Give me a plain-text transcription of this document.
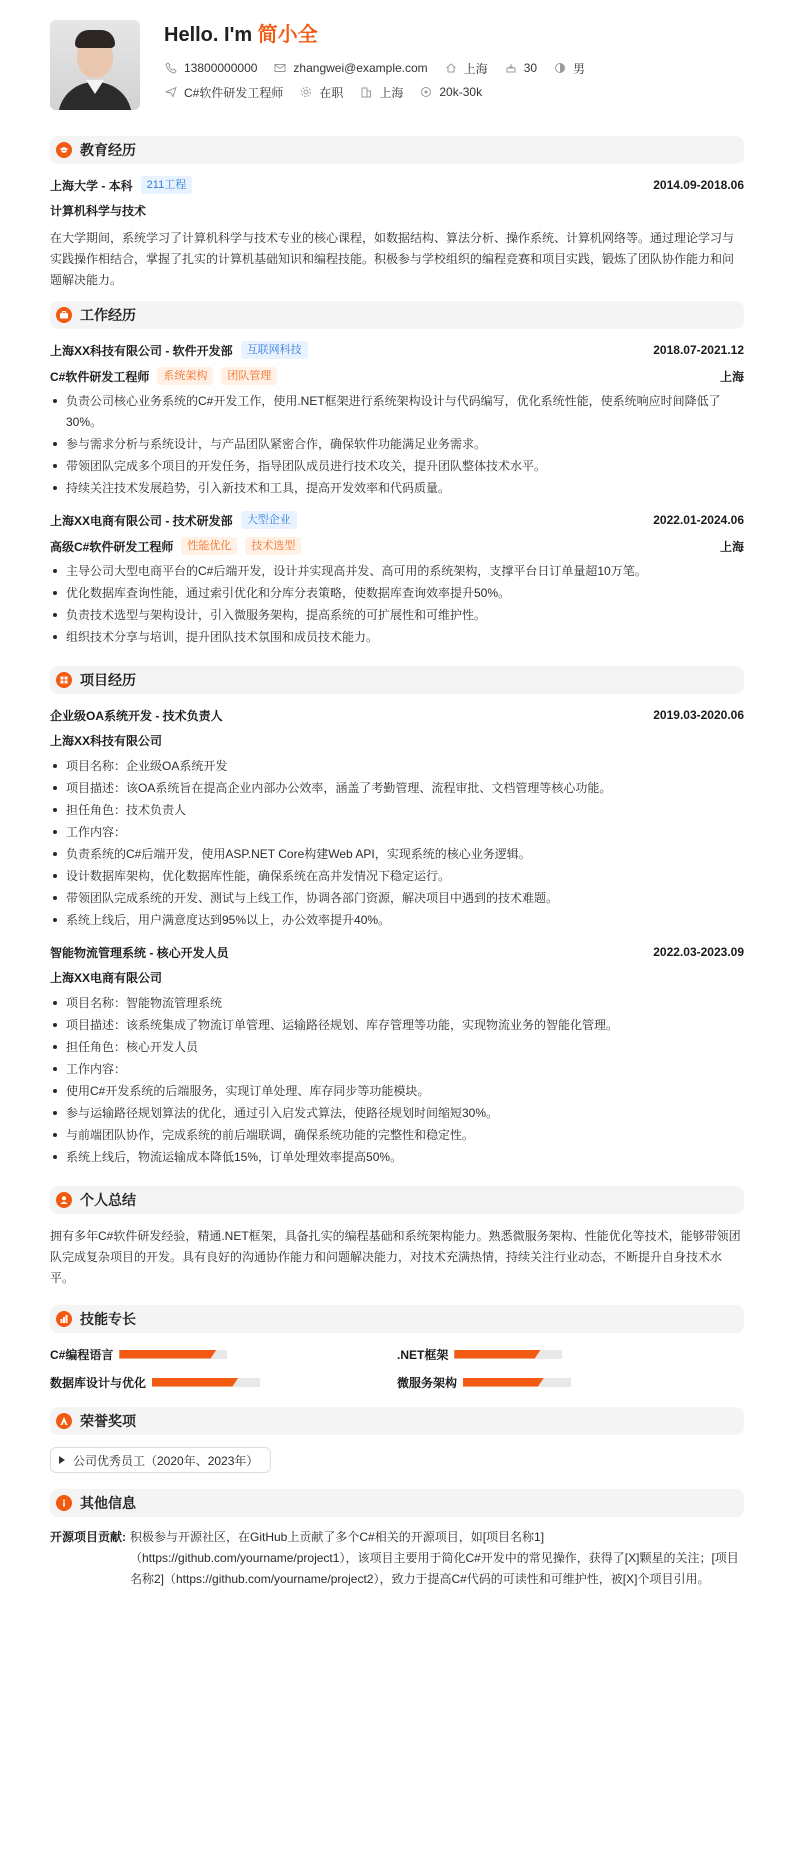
Hello. I'm 简小全
13800000000	zhangwei@example.com	上海	30	男
C#软件研发工程师	在职	上海	20k-30k
教育经历
上海大学 - 本科	211工程	2014.09-2018.06
计算机科学与技术
在大学期间，系统学习了计算机科学与技术专业的核心课程，如数据结构、算法分析、操作系统、计算机网络等。通过理论学习与实践操作相结合，掌握了扎实的计算机基础知识和编程技能。积极参与学校组织的编程竞赛和项目实践，锻炼了团队协作能力和问题解决能力。
工作经历
上海XX科技有限公司 - 软件开发部	互联网科技	2018.07-2021.12
C#软件研发工程师	系统架构	团队管理	上海
负责公司核心业务系统的C#开发工作，使用.NET框架进行系统架构设计与代码编写，优化系统性能，使系统响应时间降低了30%。
参与需求分析与系统设计，与产品团队紧密合作，确保软件功能满足业务需求。
带领团队完成多个项目的开发任务，指导团队成员进行技术攻关，提升团队整体技术水平。
持续关注技术发展趋势，引入新技术和工具，提高开发效率和代码质量。
上海XX电商有限公司 - 技术研发部	大型企业	2022.01-2024.06
高级C#软件研发工程师	性能优化	技术选型	上海
主导公司大型电商平台的C#后端开发，设计并实现高并发、高可用的系统架构，支撑平台日订单量超10万笔。
优化数据库查询性能，通过索引优化和分库分表策略，使数据库查询效率提升50%。
负责技术选型与架构设计，引入微服务架构，提高系统的可扩展性和可维护性。
组织技术分享与培训，提升团队技术氛围和成员技术能力。
项目经历
企业级OA系统开发 - 技术负责人	2019.03-2020.06
上海XX科技有限公司
项目名称：企业级OA系统开发
项目描述：该OA系统旨在提高企业内部办公效率，涵盖了考勤管理、流程审批、文档管理等核心功能。
担任角色：技术负责人
工作内容：
负责系统的C#后端开发，使用ASP.NET Core构建Web API，实现系统的核心业务逻辑。
设计数据库架构，优化数据库性能，确保系统在高并发情况下稳定运行。
带领团队完成系统的开发、测试与上线工作，协调各部门资源，解决项目中遇到的技术难题。
系统上线后，用户满意度达到95%以上，办公效率提升40%。
智能物流管理系统 - 核心开发人员	2022.03-2023.09
上海XX电商有限公司
项目名称：智能物流管理系统
项目描述：该系统集成了物流订单管理、运输路径规划、库存管理等功能，实现物流业务的智能化管理。
担任角色：核心开发人员
工作内容：
使用C#开发系统的后端服务，实现订单处理、库存同步等功能模块。
参与运输路径规划算法的优化，通过引入启发式算法，使路径规划时间缩短30%。
与前端团队协作，完成系统的前后端联调，确保系统功能的完整性和稳定性。
系统上线后，物流运输成本降低15%，订单处理效率提高50%。
个人总结
拥有多年C#软件研发经验，精通.NET框架，具备扎实的编程基础和系统架构能力。熟悉微服务架构、性能优化等技术，能够带领团队完成复杂项目的开发。具有良好的沟通协作能力和问题解决能力，对技术充满热情，持续关注行业动态，不断提升自身技术水平。
技能专长
C#编程语言	.NET框架
数据库设计与优化	微服务架构
荣誉奖项
公司优秀员工（2020年、2023年）
其他信息
开源项目贡献: 积极参与开源社区，在GitHub上贡献了多个C#相关的开源项目，如[项目名称1]（https://github.com/yourname/project1），该项目主要用于简化C#开发中的常见操作，获得了[X]颗星的关注；[项目名称2]（https://github.com/yourname/project2），致力于提高C#代码的可读性和可维护性，被[X]个项目引用。
